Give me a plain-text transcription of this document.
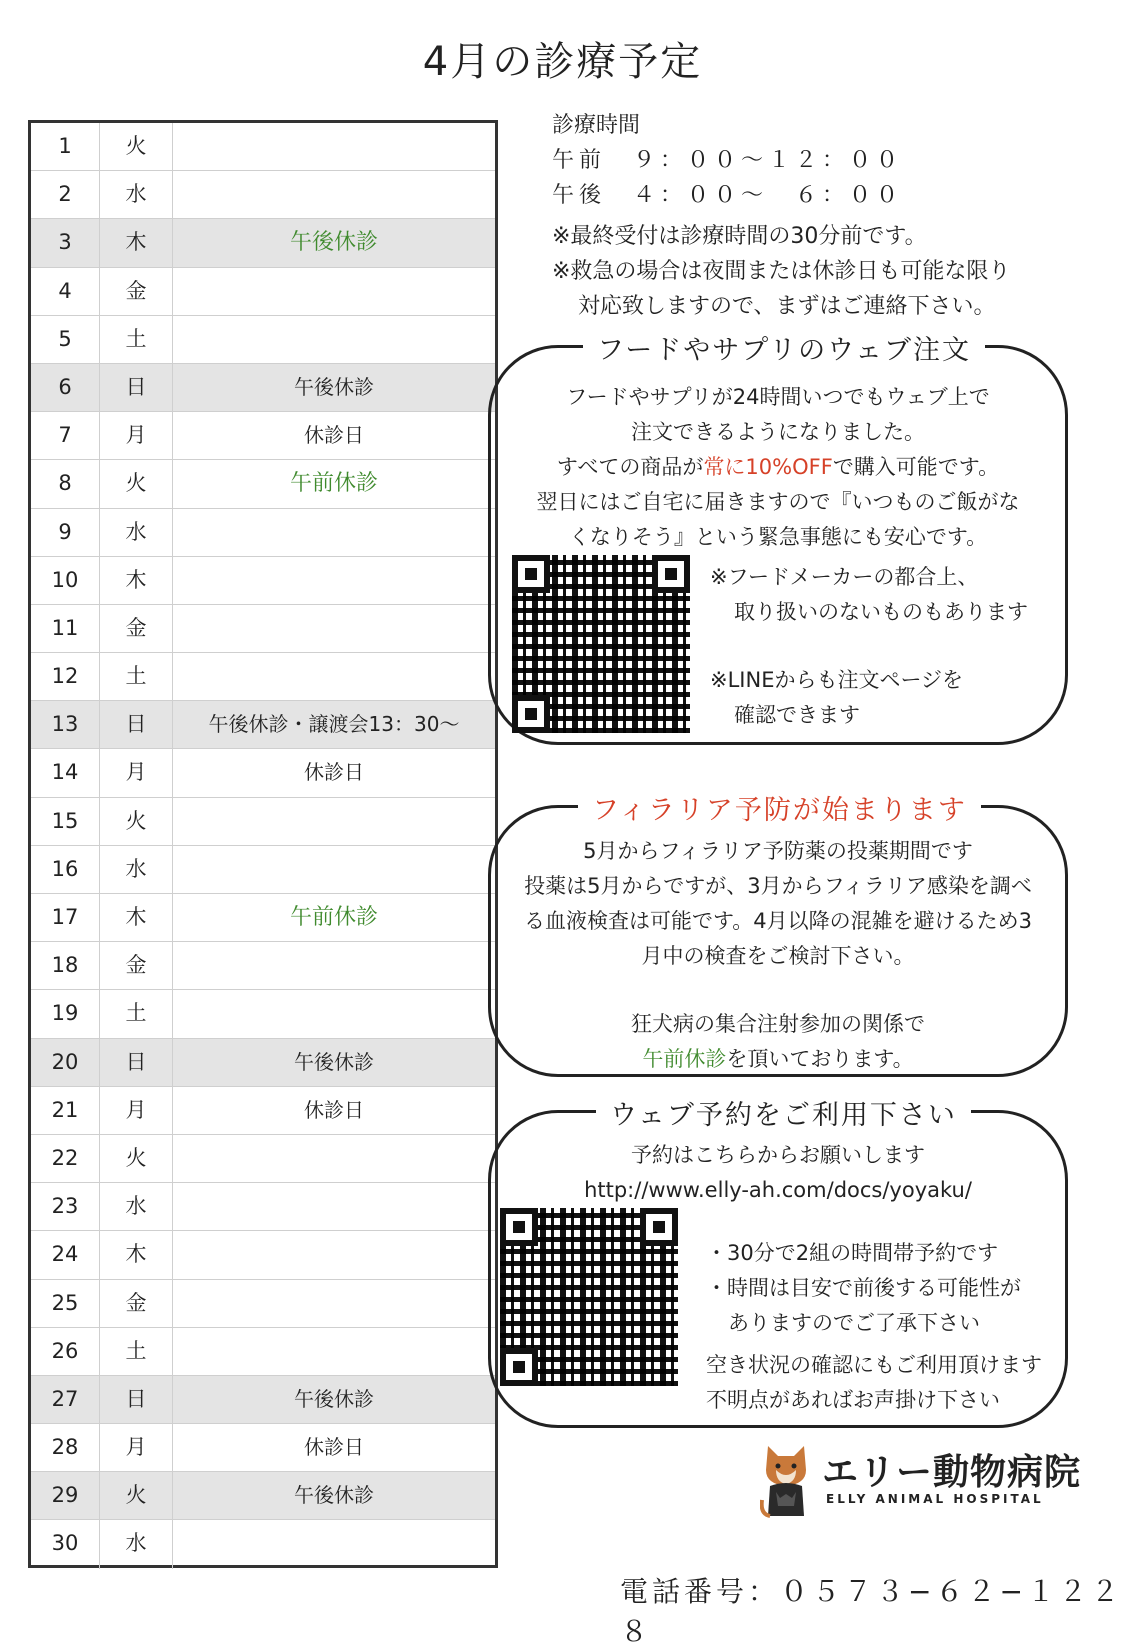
4月の診療予定
1	火
2	水
3	木	午後休診
4	金
5	土
6	日	午後休診
7	月	休診日
8	火	午前休診
9	水
10	木
11	金
12	土
13	日	午後休診・譲渡会13：30〜
14	月	休診日
15	火
16	水
17	木	午前休診
18	金
19	土
20	日	午後休診
21	月	休診日
22	火
23	水
24	木
25	金
26	土
27	日	午後休診
28	月	休診日
29	火	午後休診
30	水
診療時間
午前　９：００〜１２：００
午後　４：００〜　６：００
※最終受付は診療時間の30分前です。
※救急の場合は夜間または休診日も可能な限り
対応致しますので、まずはご連絡下さい。
フードやサプリのウェブ注文
フードやサプリが24時間いつでもウェブ上で
注文できるようになりました。
すべての商品が常に10%OFFで購入可能です。
翌日にはご自宅に届きますので『いつものご飯がな
くなりそう』という緊急事態にも安心です。
※フードメーカーの都合上、
取り扱いのないものもあります
※LINEからも注文ページを
確認できます
フィラリア予防が始まります
5月からフィラリア予防薬の投薬期間です
投薬は5月からですが、3月からフィラリア感染を調べ
る血液検査は可能です。4月以降の混雑を避けるため3
月中の検査をご検討下さい。
狂犬病の集合注射参加の関係で
午前休診を頂いております。
ウェブ予約をご利用下さい
予約はこちらからお願いします
http://www.elly-ah.com/docs/yoyaku/
・30分で2組の時間帯予約です
・時間は目安で前後する可能性が
ありますのでご了承下さい
空き状況の確認にもご利用頂けます
不明点があればお声掛け下さい
エリー動物病院
ELLY ANIMAL HOSPITAL
電話番号：０５７３−６２−１２２８
